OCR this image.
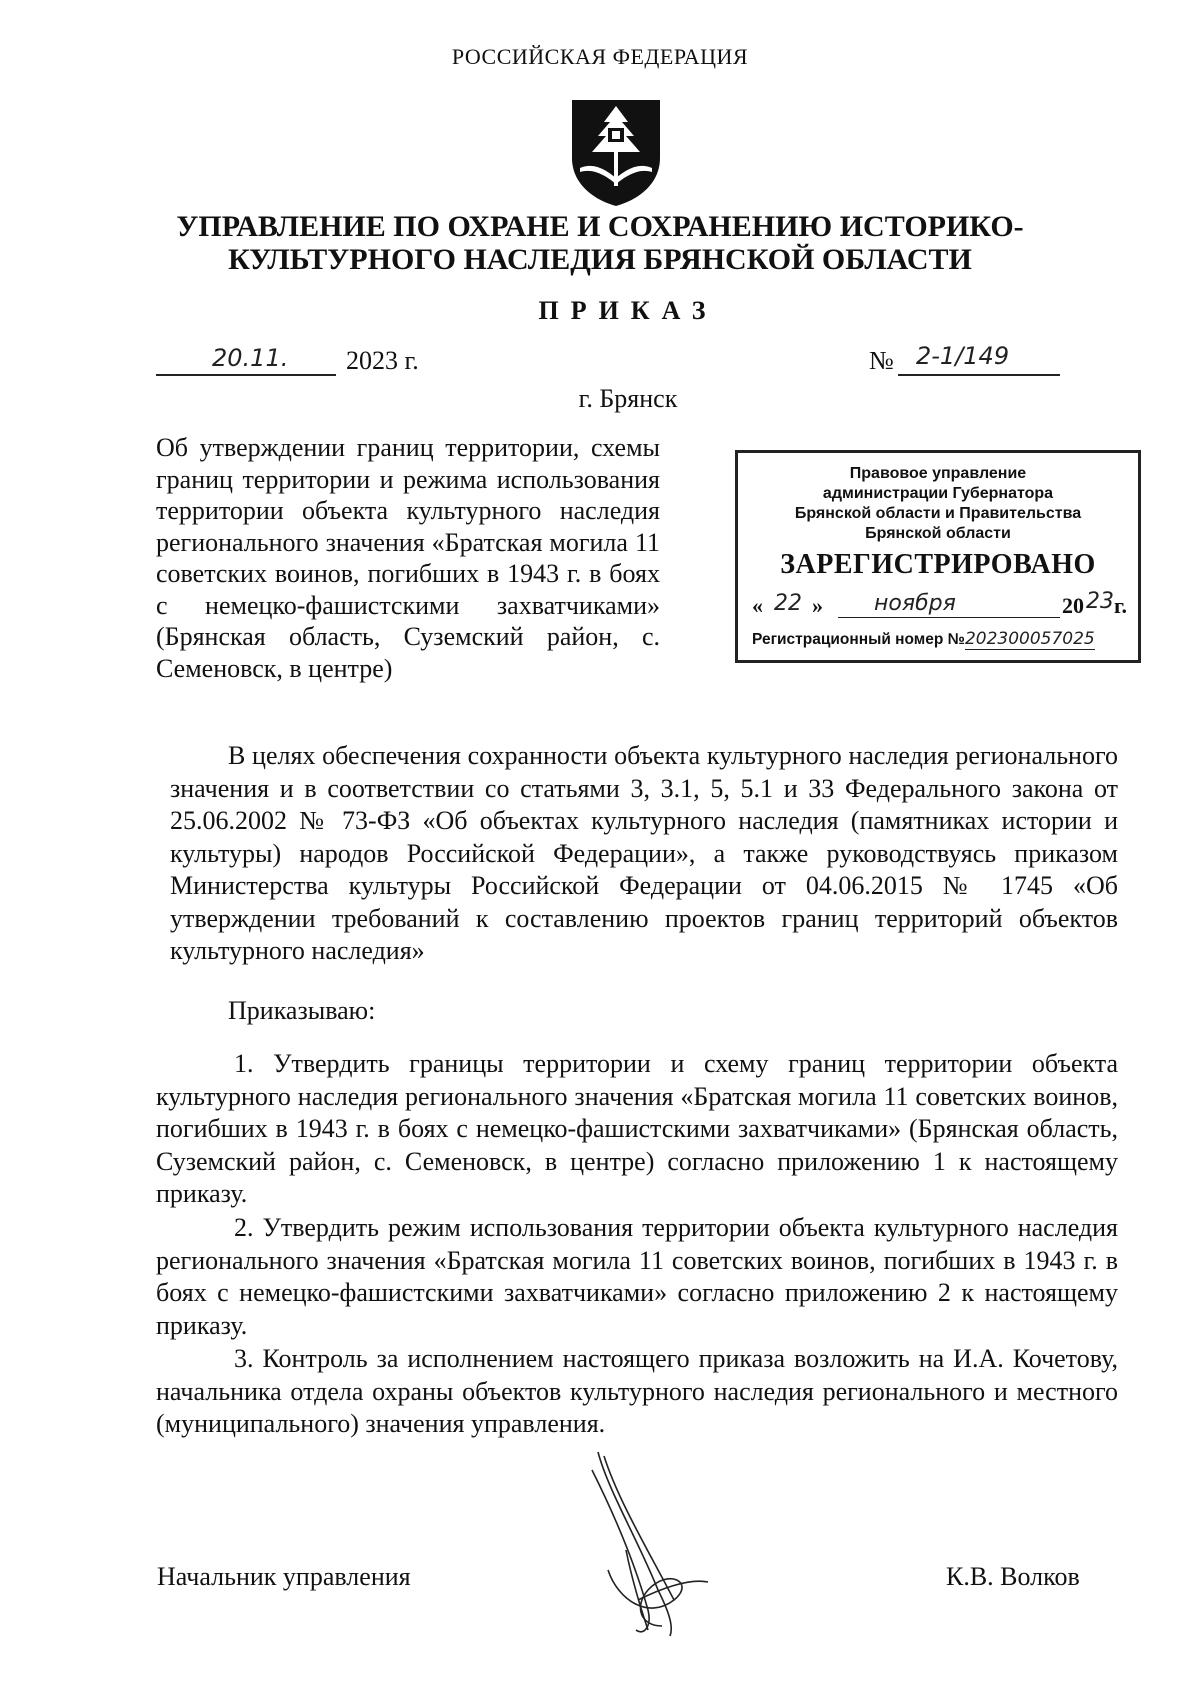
РОССИЙСКАЯ ФЕДЕРАЦИЯ
УПРАВЛЕНИЕ ПО ОХРАНЕ И СОХРАНЕНИЮ ИСТОРИКО-
КУЛЬТУРНОГО НАСЛЕДИЯ БРЯНСКОЙ ОБЛАСТИ
ПРИКАЗ
20.11. 2023 г.	№ 2-1/149
г. Брянск
Об утверждении границ территории, схемы границ территории и режима использования территории объекта культурного наследия регионального значения «Братская могила 11 советских воинов, погибших в 1943 г. в боях с немецко-фашистскими захватчиками» (Брянская область, Суземский район, с. Семеновск, в центре)
Правовое управление
администрации Губернатора
Брянской области и Правительства
Брянской области
ЗАРЕГИСТРИРОВАНО
« 22 » ноября	20 23 г.
Регистрационный номер №202300057025
В целях обеспечения сохранности объекта культурного наследия регионального значения и в соответствии со статьями 3, 3.1, 5, 5.1 и 33 Федерального закона от 25.06.2002 № 73-ФЗ «Об объектах культурного наследия (памятниках истории и культуры) народов Российской Федерации», а также руководствуясь приказом Министерства культуры Российской Федерации от 04.06.2015 № 1745 «Об утверждении требований к составлению проектов границ территорий объектов культурного наследия»
Приказываю:
1. Утвердить границы территории и схему границ территории объекта культурного наследия регионального значения «Братская могила 11 советских воинов, погибших в 1943 г. в боях с немецко-фашистскими захватчиками» (Брянская область, Суземский район, с. Семеновск, в центре) согласно приложению 1 к настоящему приказу.
2. Утвердить режим использования территории объекта культурного наследия регионального значения «Братская могила 11 советских воинов, погибших в 1943 г. в боях с немецко-фашистскими захватчиками» согласно приложению 2 к настоящему приказу.
3. Контроль за исполнением настоящего приказа возложить на И.А. Кочетову, начальника отдела охраны объектов культурного наследия регионального и местного (муниципального) значения управления.
Начальник управления	К.В. Волков
